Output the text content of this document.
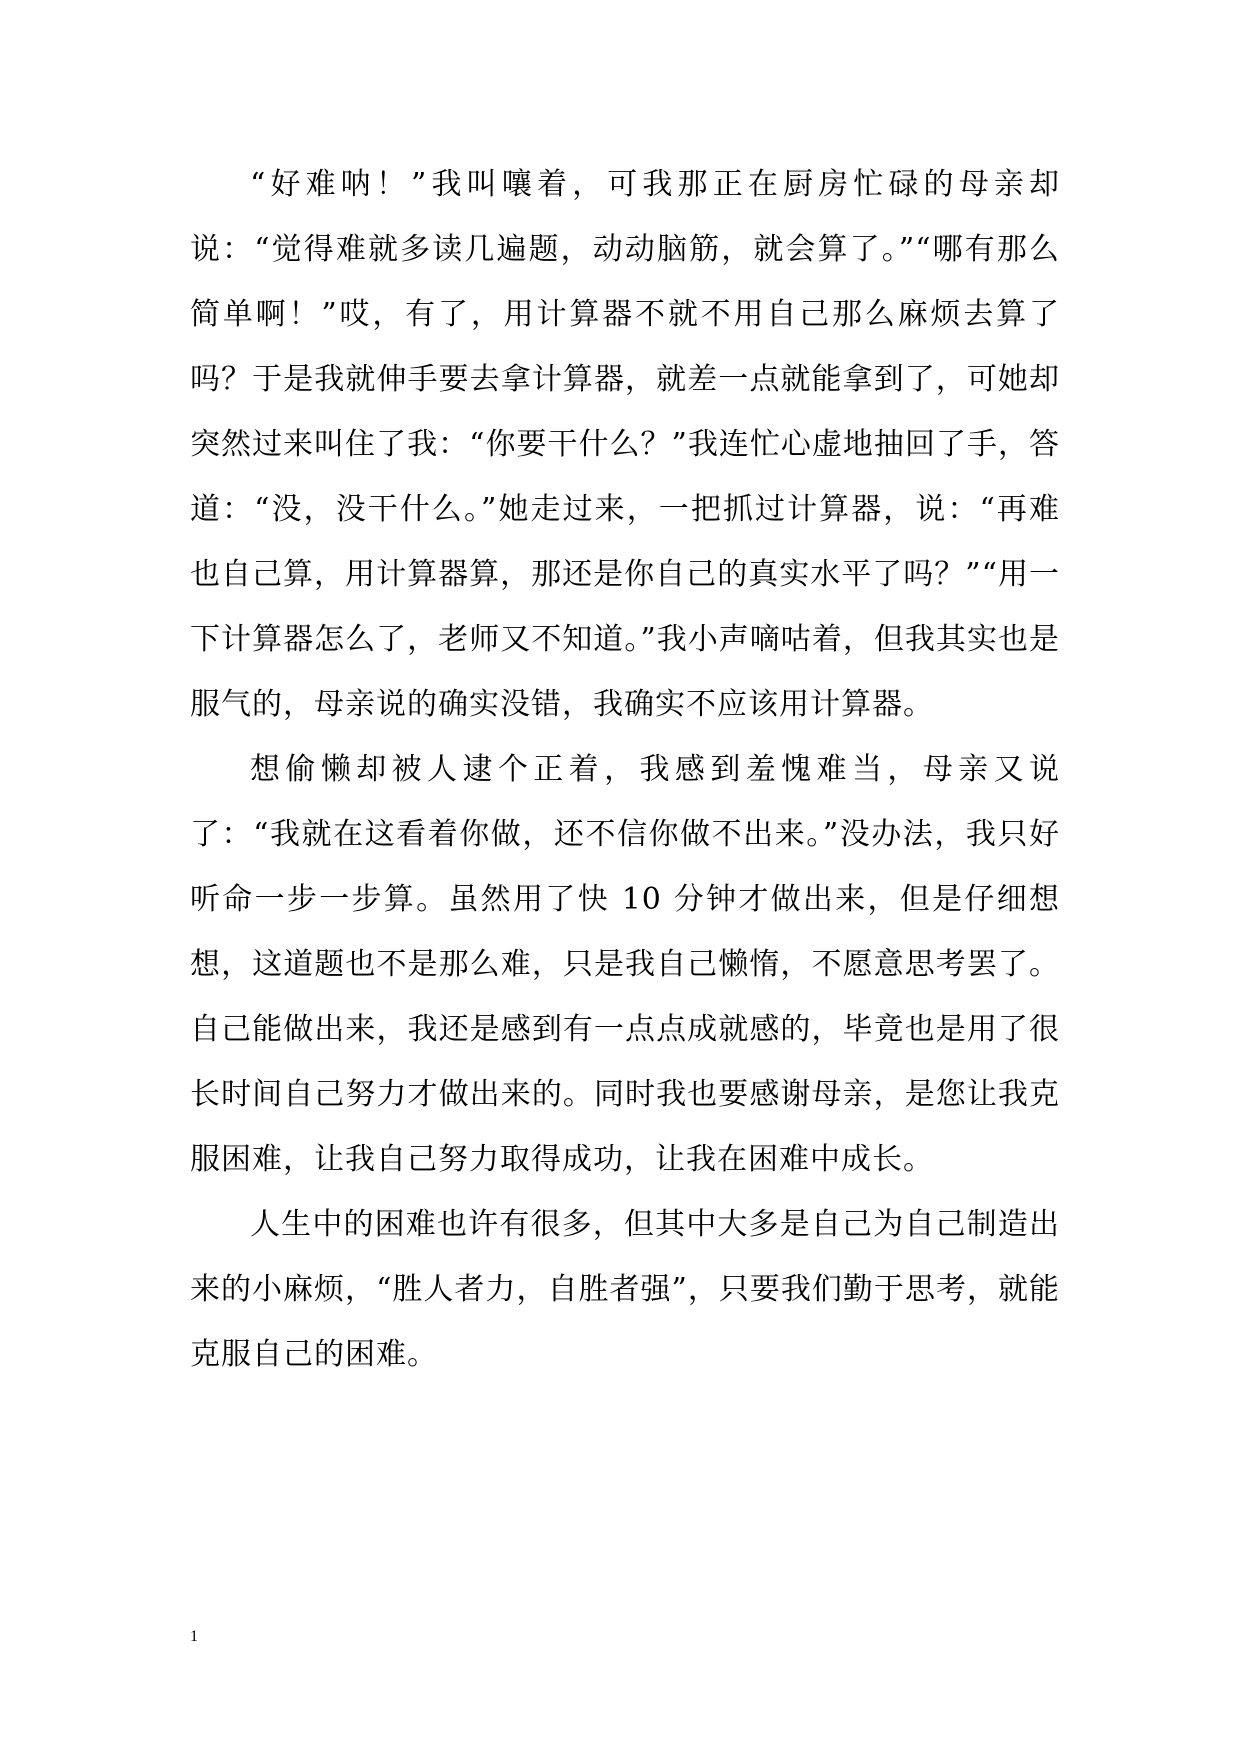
“好难呐！”我叫嚷着，可我那正在厨房忙碌的母亲却说：“觉得难就多读几遍题，动动脑筋，就会算了。”“哪有那么简单啊！”哎，有了，用计算器不就不用自己那么麻烦去算了吗？于是我就伸手要去拿计算器，就差一点就能拿到了，可她却突然过来叫住了我：“你要干什么？”我连忙心虚地抽回了手，答道：“没，没干什么。”她走过来，一把抓过计算器，说：“再难也自己算，用计算器算，那还是你自己的真实水平了吗？”“用一下计算器怎么了，老师又不知道。”我小声嘀咕着，但我其实也是服气的，母亲说的确实没错，我确实不应该用计算器。

想偷懒却被人逮个正着，我感到羞愧难当，母亲又说了：“我就在这看着你做，还不信你做不出来。”没办法，我只好听命一步一步算。虽然用了快 10 分钟才做出来，但是仔细想想，这道题也不是那么难，只是我自己懒惰，不愿意思考罢了。自己能做出来，我还是感到有一点点成就感的，毕竟也是用了很长时间自己努力才做出来的。同时我也要感谢母亲，是您让我克服困难，让我自己努力取得成功，让我在困难中成长。

人生中的困难也许有很多，但其中大多是自己为自己制造出来的小麻烦，“胜人者力，自胜者强”，只要我们勤于思考，就能克服自己的困难。

1
